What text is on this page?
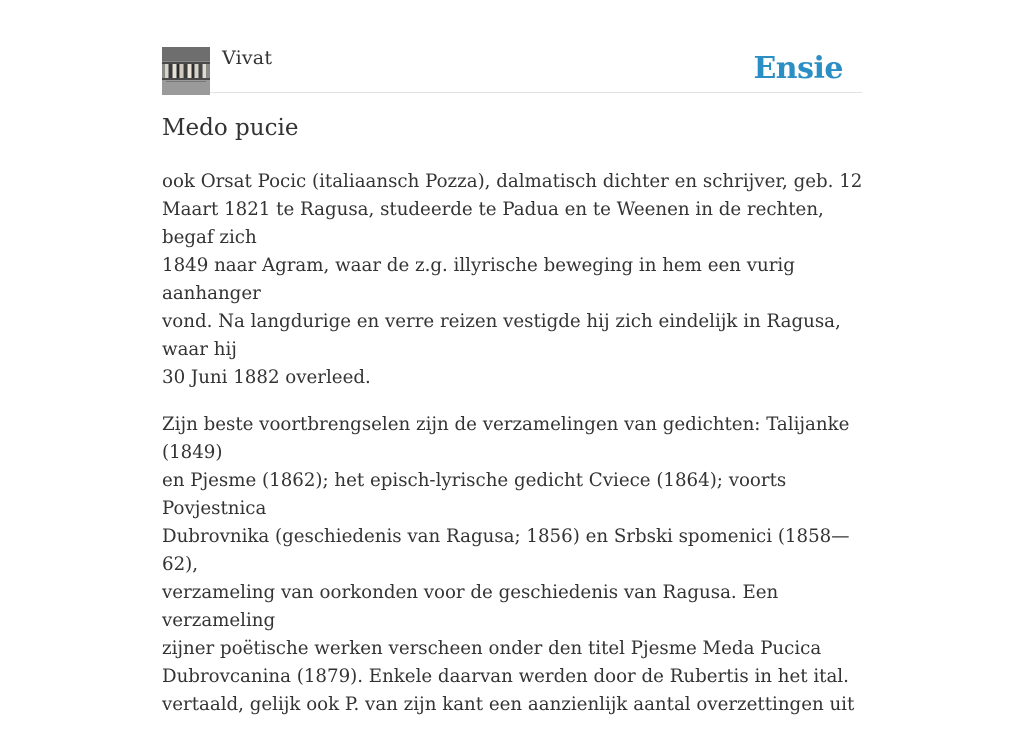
Vivat	Ensie
Medo pucie

ook Orsat Pocic (italiaansch Pozza), dalmatisch dichter en schrijver, geb. 12
Maart 1821 te Ragusa, studeerde te Padua en te Weenen in de rechten, begaf zich
1849 naar Agram, waar de z.g. illyrische beweging in hem een vurig aanhanger
vond. Na langdurige en verre reizen vestigde hij zich eindelijk in Ragusa, waar hij
30 Juni 1882 overleed.

Zijn beste voortbrengselen zijn de verzamelingen van gedichten: Talijanke (1849)
en Pjesme (1862); het episch-lyrische gedicht Cviece (1864); voorts Povjestnica
Dubrovnika (geschiedenis van Ragusa; 1856) en Srbski spomenici (1858—62),
verzameling van oorkonden voor de geschiedenis van Ragusa. Een verzameling
zijner poëtische werken verscheen onder den titel Pjesme Meda Pucica
Dubrovcanina (1879). Enkele daarvan werden door de Rubertis in het ital.
vertaald, gelijk ook P. van zijn kant een aanzienlijk aantal overzettingen uit
